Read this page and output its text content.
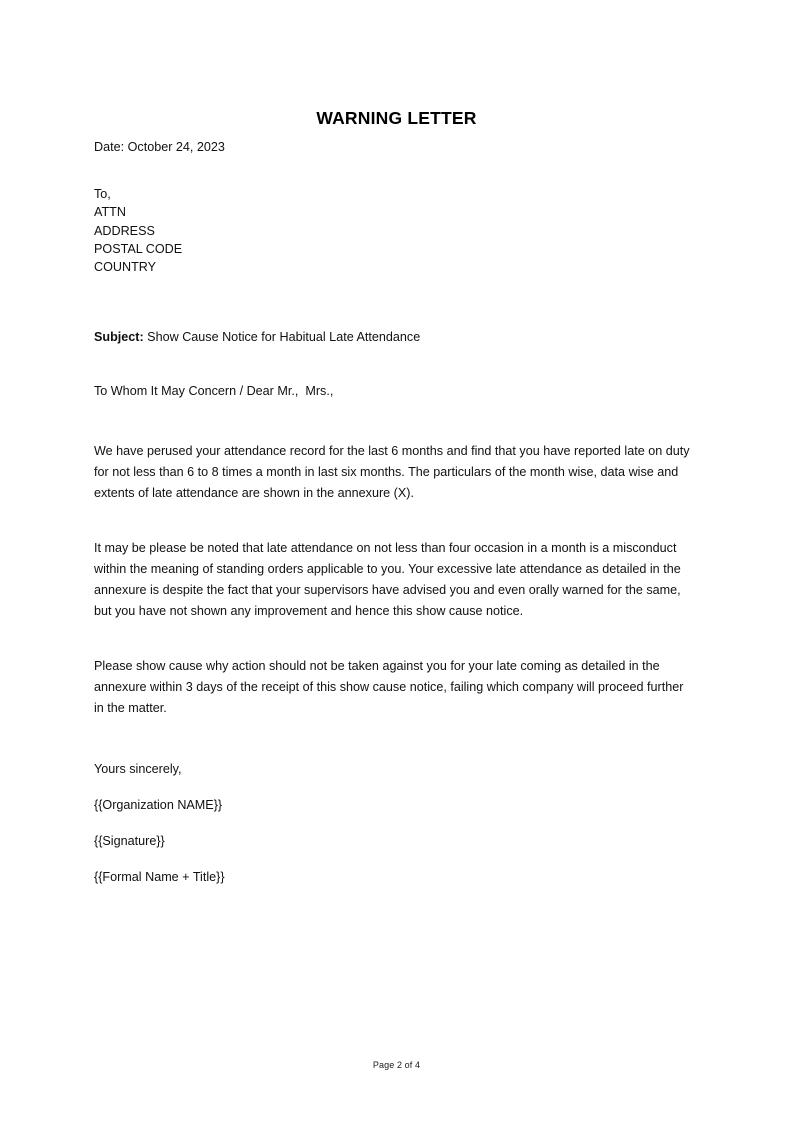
WARNING LETTER
Date: October 24, 2023
To,
ATTN
ADDRESS
POSTAL CODE
COUNTRY
Subject: Show Cause Notice for Habitual Late Attendance
To Whom It May Concern / Dear Mr.,  Mrs.,

We have perused your attendance record for the last 6 months and find that you have reported late on duty for not less than 6 to 8 times a month in last six months. The particulars of the month wise, data wise and extents of late attendance are shown in the annexure (X).

It may be please be noted that late attendance on not less than four occasion in a month is a misconduct within the meaning of standing orders applicable to you. Your excessive late attendance as detailed in the annexure is despite the fact that your supervisors have advised you and even orally warned for the same, but you have not shown any improvement and hence this show cause notice.

Please show cause why action should not be taken against you for your late coming as detailed in the annexure within 3 days of the receipt of this show cause notice, failing which company will proceed further in the matter.

Yours sincerely,
{{Organization NAME}}
{{Signature}}
{{Formal Name + Title}}
Page 2 of 4
